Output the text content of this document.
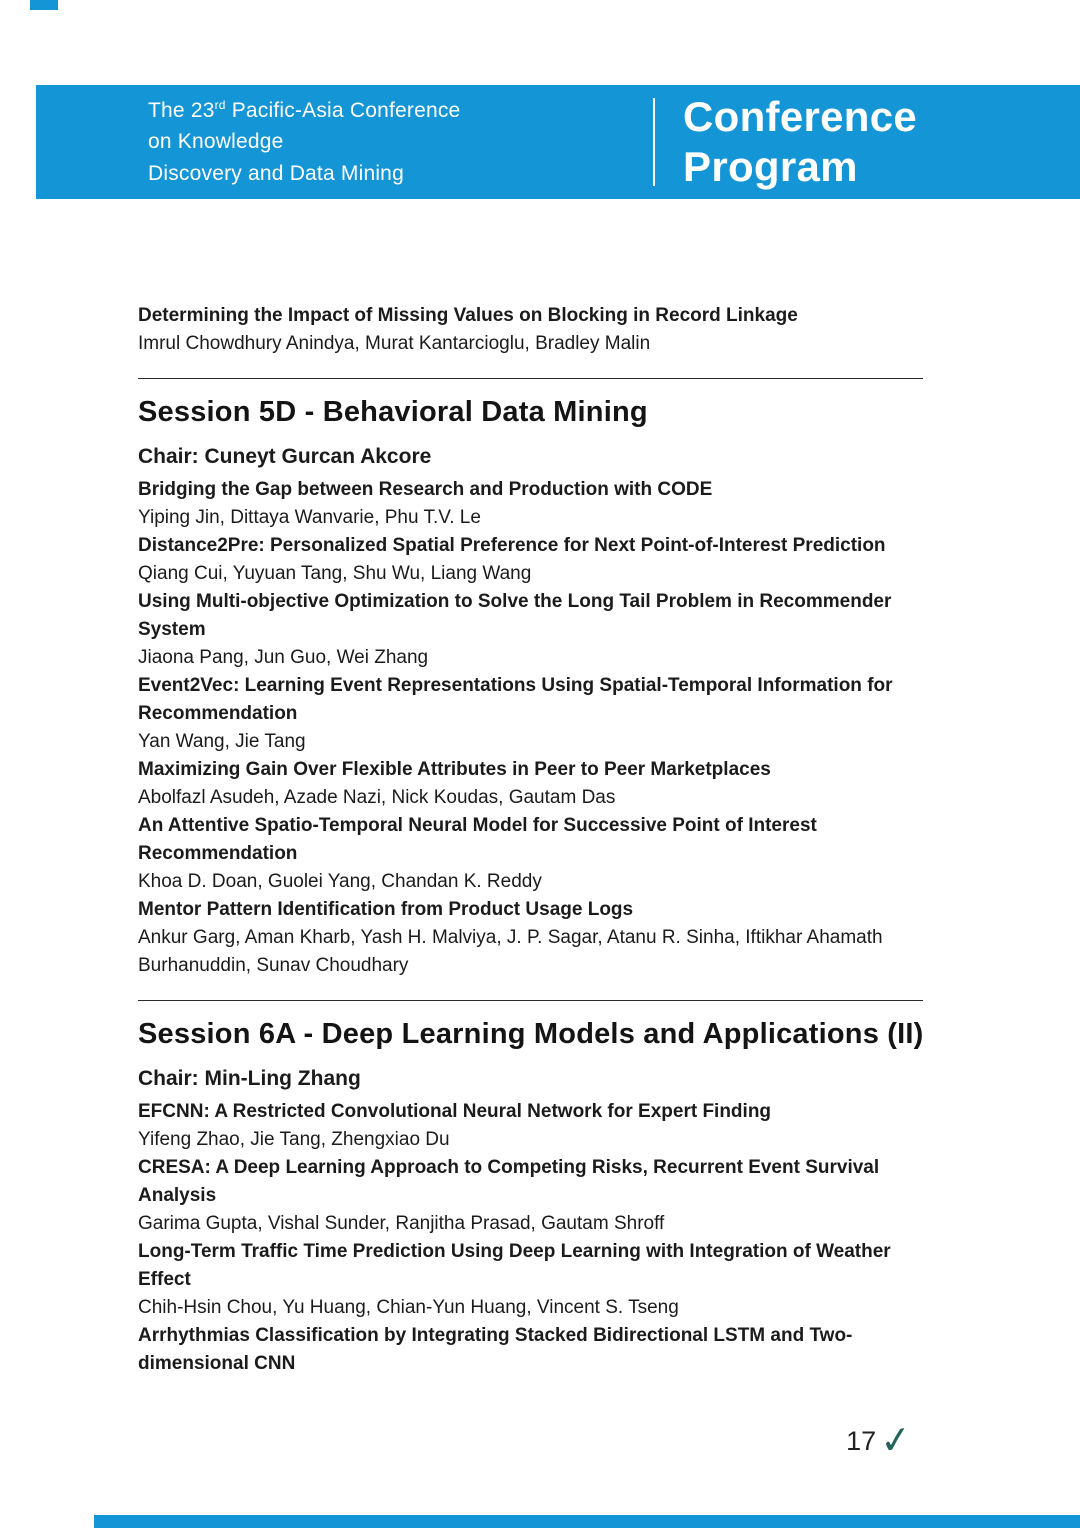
The 23rd Pacific-Asia Conference
on Knowledge
Discovery and Data Mining
Conference
Program
Determining the Impact of Missing Values on Blocking in Record Linkage
Imrul Chowdhury Anindya, Murat Kantarcioglu, Bradley Malin
Session 5D - Behavioral Data Mining
Chair: Cuneyt Gurcan Akcore
Bridging the Gap between Research and Production with CODE
Yiping Jin, Dittaya Wanvarie, Phu T.V. Le
Distance2Pre: Personalized Spatial Preference for Next Point-of-Interest Prediction
Qiang Cui, Yuyuan Tang, Shu Wu, Liang Wang
Using Multi-objective Optimization to Solve the Long Tail Problem in Recommender System
Jiaona Pang, Jun Guo, Wei Zhang
Event2Vec: Learning Event Representations Using Spatial-Temporal Information for Recommendation
Yan Wang, Jie Tang
Maximizing Gain Over Flexible Attributes in Peer to Peer Marketplaces
Abolfazl Asudeh, Azade Nazi, Nick Koudas, Gautam Das
An Attentive Spatio-Temporal Neural Model for Successive Point of Interest Recommendation
Khoa D. Doan, Guolei Yang, Chandan K. Reddy
Mentor Pattern Identification from Product Usage Logs
Ankur Garg, Aman Kharb, Yash H. Malviya, J. P. Sagar, Atanu R. Sinha, Iftikhar Ahamath Burhanuddin, Sunav Choudhary
Session 6A - Deep Learning Models and Applications (II)
Chair: Min-Ling Zhang
EFCNN: A Restricted Convolutional Neural Network for Expert Finding
Yifeng Zhao, Jie Tang, Zhengxiao Du
CRESA: A Deep Learning Approach to Competing Risks, Recurrent Event Survival Analysis
Garima Gupta, Vishal Sunder, Ranjitha Prasad, Gautam Shroff
Long-Term Traffic Time Prediction Using Deep Learning with Integration of Weather Effect
Chih-Hsin Chou, Yu Huang, Chian-Yun Huang, Vincent S. Tseng
Arrhythmias Classification by Integrating Stacked Bidirectional LSTM and Two-dimensional CNN
17 ✓
